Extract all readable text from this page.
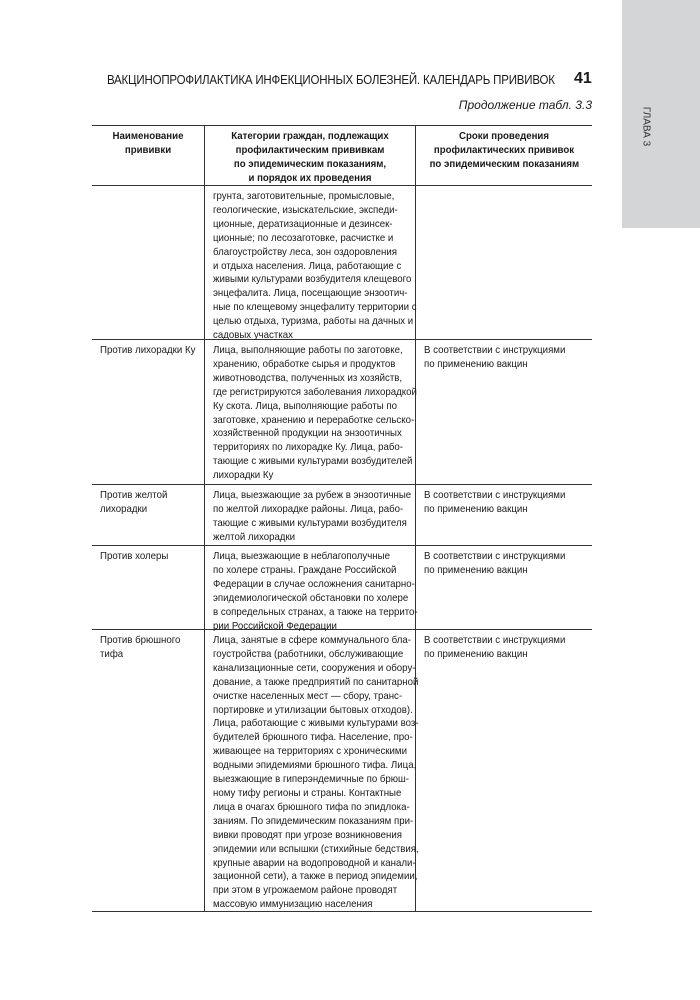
ГЛАВА 3
ВАКЦИНОПРОФИЛАКТИКА ИНФЕКЦИОННЫХ БОЛЕЗНЕЙ. КАЛЕНДАРЬ ПРИВИВОК 41
Продолжение табл. 3.3
Наименование
прививки
Категории граждан, подлежащих
профилактическим прививкам
по эпидемическим показаниям,
и порядок их проведения
Сроки проведения
профилактических прививок
по эпидемическим показаниям
грунта, заготовительные, промысловые,
геологические, изыскательские, экспеди-
ционные, дератизационные и дезинсек-
ционные; по лесозаготовке, расчистке и
благоустройству леса, зон оздоровления
и отдыха населения. Лица, работающие с
живыми культурами возбудителя клещевого
энцефалита. Лица, посещающие энзоотич-
ные по клещевому энцефалиту территории с
целью отдыха, туризма, работы на дачных и
садовых участках
Против лихорадки Ку Лица, выполняющие работы по заготовке,
хранению, обработке сырья и продуктов
животноводства, полученных из хозяйств,
где регистрируются заболевания лихорадкой
Ку скота. Лица, выполняющие работы по
заготовке, хранению и переработке сельско-
хозяйственной продукции на энзоотичных
территориях по лихорадке Ку. Лица, рабо-
тающие с живыми культурами возбудителей
лихорадки Ку
В соответствии с инструкциями
по применению вакцин
Против желтой
лихорадки
Лица, выезжающие за рубеж в энзоотичные
по желтой лихорадке районы. Лица, рабо-
тающие с живыми культурами возбудителя
желтой лихорадки
В соответствии с инструкциями
по применению вакцин
Против холеры	Лица, выезжающие в неблагополучные
по холере страны. Граждане Российской
Федерации в случае осложнения санитарно-
эпидемиологической обстановки по холере
в сопредельных странах, а также на террито-
рии Российской Федерации
В соответствии с инструкциями
по применению вакцин
Против брюшного
тифа
Лица, занятые в сфере коммунального бла-
гоустройства (работники, обслуживающие
канализационные сети, сооружения и обору-
дование, а также предприятий по санитарной
очистке населенных мест — сбору, транс-
портировке и утилизации бытовых отходов).
Лица, работающие с живыми культурами воз-
будителей брюшного тифа. Население, про-
живающее на территориях с хроническими
водными эпидемиями брюшного тифа. Лица,
выезжающие в гиперэндемичные по брюш-
ному тифу регионы и страны. Контактные
лица в очагах брюшного тифа по эпидлока-
заниям. По эпидемическим показаниям при-
вивки проводят при угрозе возникновения
эпидемии или вспышки (стихийные бедствия,
крупные аварии на водопроводной и канали-
зационной сети), а также в период эпидемии,
при этом в угрожаемом районе проводят
массовую иммунизацию населения
В соответствии с инструкциями
по применению вакцин
